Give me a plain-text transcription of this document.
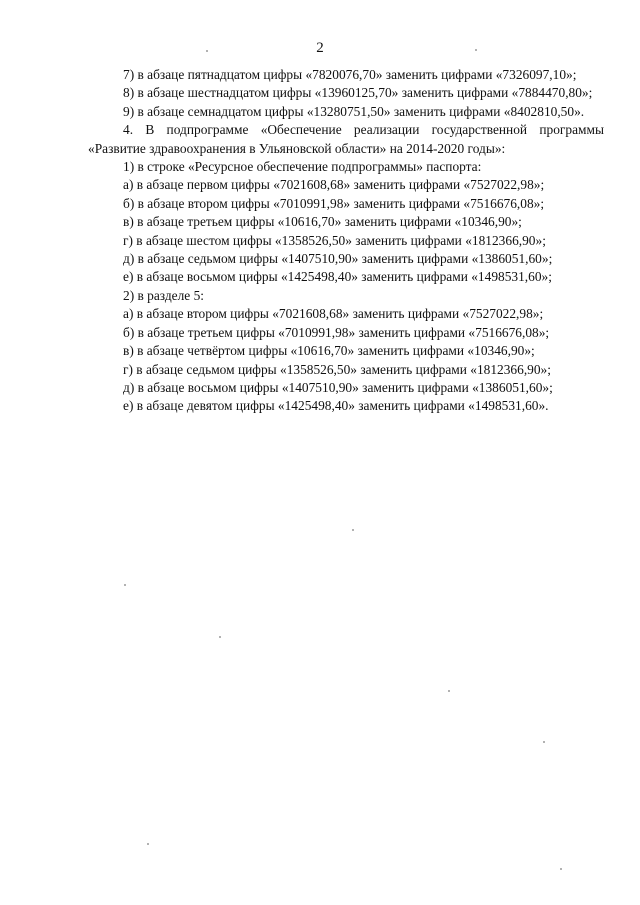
2

7) в абзаце пятнадцатом цифры «7820076,70» заменить цифрами «7326097,10»;

8) в абзаце шестнадцатом цифры «13960125,70» заменить цифрами «7884470,80»;

9) в абзаце семнадцатом цифры «13280751,50» заменить цифрами «8402810,50».

4. В подпрограмме «Обеспечение реализации государственной программы «Развитие здравоохранения в Ульяновской области» на 2014-2020 годы»:

1) в строке «Ресурсное обеспечение подпрограммы» паспорта:

а) в абзаце первом цифры «7021608,68» заменить цифрами «7527022,98»;

б) в абзаце втором цифры «7010991,98» заменить цифрами «7516676,08»;

в) в абзаце третьем цифры «10616,70» заменить цифрами «10346,90»;

г) в абзаце шестом цифры «1358526,50» заменить цифрами «1812366,90»;

д) в абзаце седьмом цифры «1407510,90» заменить цифрами «1386051,60»;

е) в абзаце восьмом цифры «1425498,40» заменить цифрами «1498531,60»;

2) в разделе 5:

а) в абзаце втором цифры «7021608,68» заменить цифрами «7527022,98»;

б) в абзаце третьем цифры «7010991,98» заменить цифрами «7516676,08»;

в) в абзаце четвёртом цифры «10616,70» заменить цифрами «10346,90»;

г) в абзаце седьмом цифры «1358526,50» заменить цифрами «1812366,90»;

д) в абзаце восьмом цифры «1407510,90» заменить цифрами «1386051,60»;

е) в абзаце девятом цифры «1425498,40» заменить цифрами «1498531,60».
